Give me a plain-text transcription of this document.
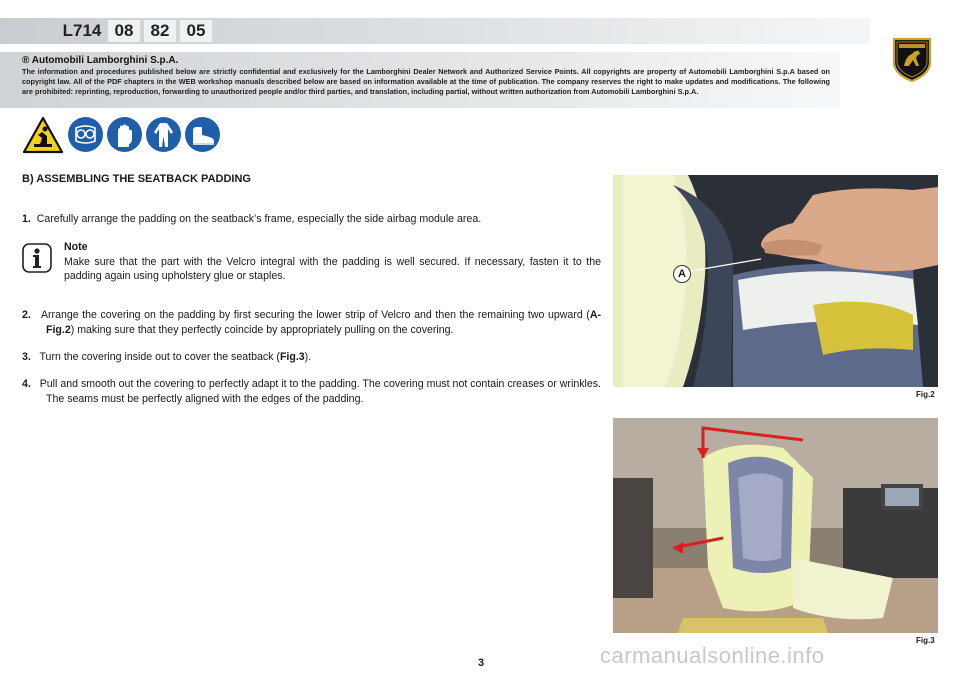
L714 08	82	05
® Automobili Lamborghini S.p.A.
The information and procedures published below are strictly confidential and exclusively for the Lamborghini Dealer Network and Authorized Service Points. All copyrights are property of Automobili Lamborghini S.p.A based on copyright law. All of the PDF chapters in the WEB workshop manuals described below are based on information available at the time of publication. The company reserves the right to make updates and modifications. The following are prohibited: reprinting, reproduction, forwarding to unauthorized people and/or third parties, and translation, including partial, without written authorization from Automobili Lamborghini S.p.A.
B) ASSEMBLING THE SEATBACK PADDING
1. Carefully arrange the padding on the seatback’s frame, especially the side airbag module area.
Note
Make sure that the part with the Velcro integral with the padding is well secured. If necessary, fasten it to the padding again using upholstery glue or staples.
2. Arrange the covering on the padding by first securing the lower strip of Velcro and then the remaining two upward (A-Fig.2) making sure that they perfectly coincide by appropriately pulling on the covering.
3. Turn the covering inside out to cover the seatback (Fig.3).
4. Pull and smooth out the covering to perfectly adapt it to the padding. The covering must not contain creases or wrinkles. The seams must be perfectly aligned with the edges of the padding.
A
Fig.2
Fig.3
3	carmanualsonline.info
